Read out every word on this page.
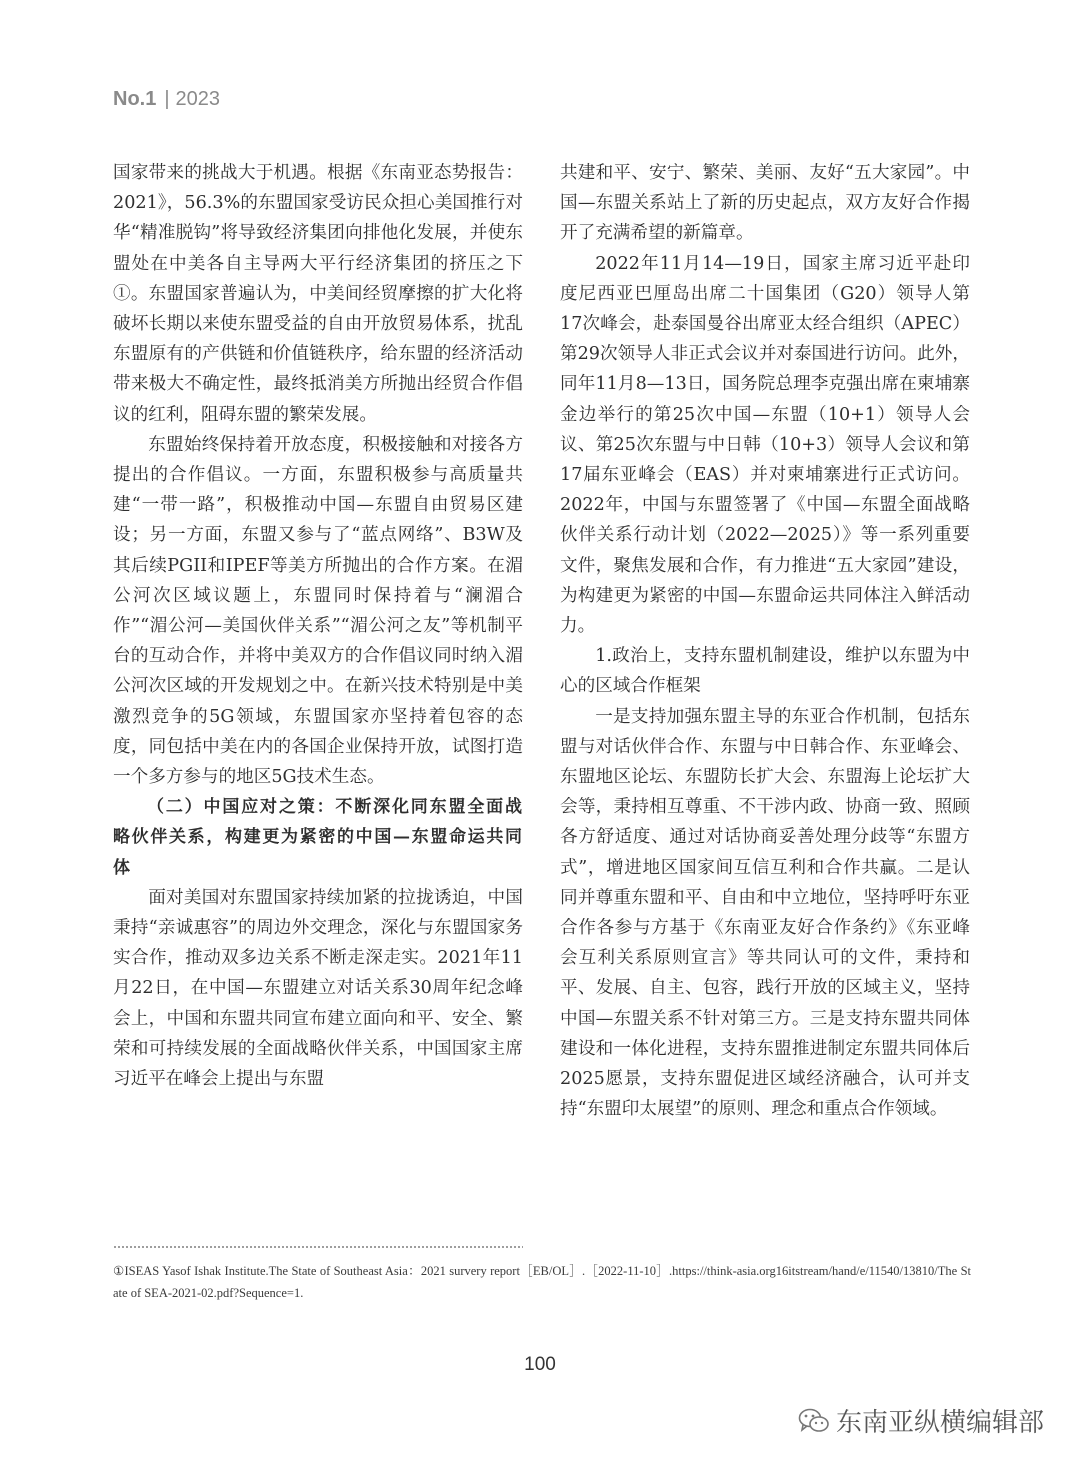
No.1 | 2023

国家带来的挑战大于机遇。根据《东南亚态势报告：2021》，56.3%的东盟国家受访民众担心美国推行对华“精准脱钩”将导致经济集团向排他化发展，并使东盟处在中美各自主导两大平行经济集团的挤压之下①。东盟国家普遍认为，中美间经贸摩擦的扩大化将破坏长期以来使东盟受益的自由开放贸易体系，扰乱东盟原有的产供链和价值链秩序，给东盟的经济活动带来极大不确定性，最终抵消美方所抛出经贸合作倡议的红利，阻碍东盟的繁荣发展。

东盟始终保持着开放态度，积极接触和对接各方提出的合作倡议。一方面，东盟积极参与高质量共建“一带一路”，积极推动中国—东盟自由贸易区建设；另一方面，东盟又参与了“蓝点网络”、B3W及其后续PGII和IPEF等美方所抛出的合作方案。在湄公河次区域议题上，东盟同时保持着与“澜湄合作”“湄公河—美国伙伴关系”“湄公河之友”等机制平台的互动合作，并将中美双方的合作倡议同时纳入湄公河次区域的开发规划之中。在新兴技术特别是中美激烈竞争的5G领域，东盟国家亦坚持着包容的态度，同包括中美在内的各国企业保持开放，试图打造一个多方参与的地区5G技术生态。

（二）中国应对之策：不断深化同东盟全面战略伙伴关系，构建更为紧密的中国—东盟命运共同体

面对美国对东盟国家持续加紧的拉拢诱迫，中国秉持“亲诚惠容”的周边外交理念，深化与东盟国家务实合作，推动双多边关系不断走深走实。2021年11月22日，在中国—东盟建立对话关系30周年纪念峰会上，中国和东盟共同宣布建立面向和平、安全、繁荣和可持续发展的全面战略伙伴关系，中国国家主席习近平在峰会上提出与东盟

共建和平、安宁、繁荣、美丽、友好“五大家园”。中国—东盟关系站上了新的历史起点，双方友好合作揭开了充满希望的新篇章。

2022年11月14—19日，国家主席习近平赴印度尼西亚巴厘岛出席二十国集团（G20）领导人第17次峰会，赴泰国曼谷出席亚太经合组织（APEC）第29次领导人非正式会议并对泰国进行访问。此外，同年11月8—13日，国务院总理李克强出席在柬埔寨金边举行的第25次中国—东盟（10+1）领导人会议、第25次东盟与中日韩（10+3）领导人会议和第17届东亚峰会（EAS）并对柬埔寨进行正式访问。2022年，中国与东盟签署了《中国—东盟全面战略伙伴关系行动计划（2022—2025）》等一系列重要文件，聚焦发展和合作，有力推进“五大家园”建设，为构建更为紧密的中国—东盟命运共同体注入鲜活动力。

1.政治上，支持东盟机制建设，维护以东盟为中心的区域合作框架

一是支持加强东盟主导的东亚合作机制，包括东盟与对话伙伴合作、东盟与中日韩合作、东亚峰会、东盟地区论坛、东盟防长扩大会、东盟海上论坛扩大会等，秉持相互尊重、不干涉内政、协商一致、照顾各方舒适度、通过对话协商妥善处理分歧等“东盟方式”，增进地区国家间互信互利和合作共赢。二是认同并尊重东盟和平、自由和中立地位，坚持呼吁东亚合作各参与方基于《东南亚友好合作条约》《东亚峰会互利关系原则宣言》等共同认可的文件，秉持和平、发展、自主、包容，践行开放的区域主义，坚持中国—东盟关系不针对第三方。三是支持东盟共同体建设和一体化进程，支持东盟推进制定东盟共同体后2025愿景，支持东盟促进区域经济融合，认可并支持“东盟印太展望”的原则、理念和重点合作领域。

①ISEAS Yasof Ishak Institute.The State of Southeast Asia：2021 survery report［EB/OL］.［2022-11-10］.https://think-asia.org16itstream/hand/e/11540/13810/The State of SEA-2021-02.pdf?Sequence=1.
100
东南亚纵横编辑部
